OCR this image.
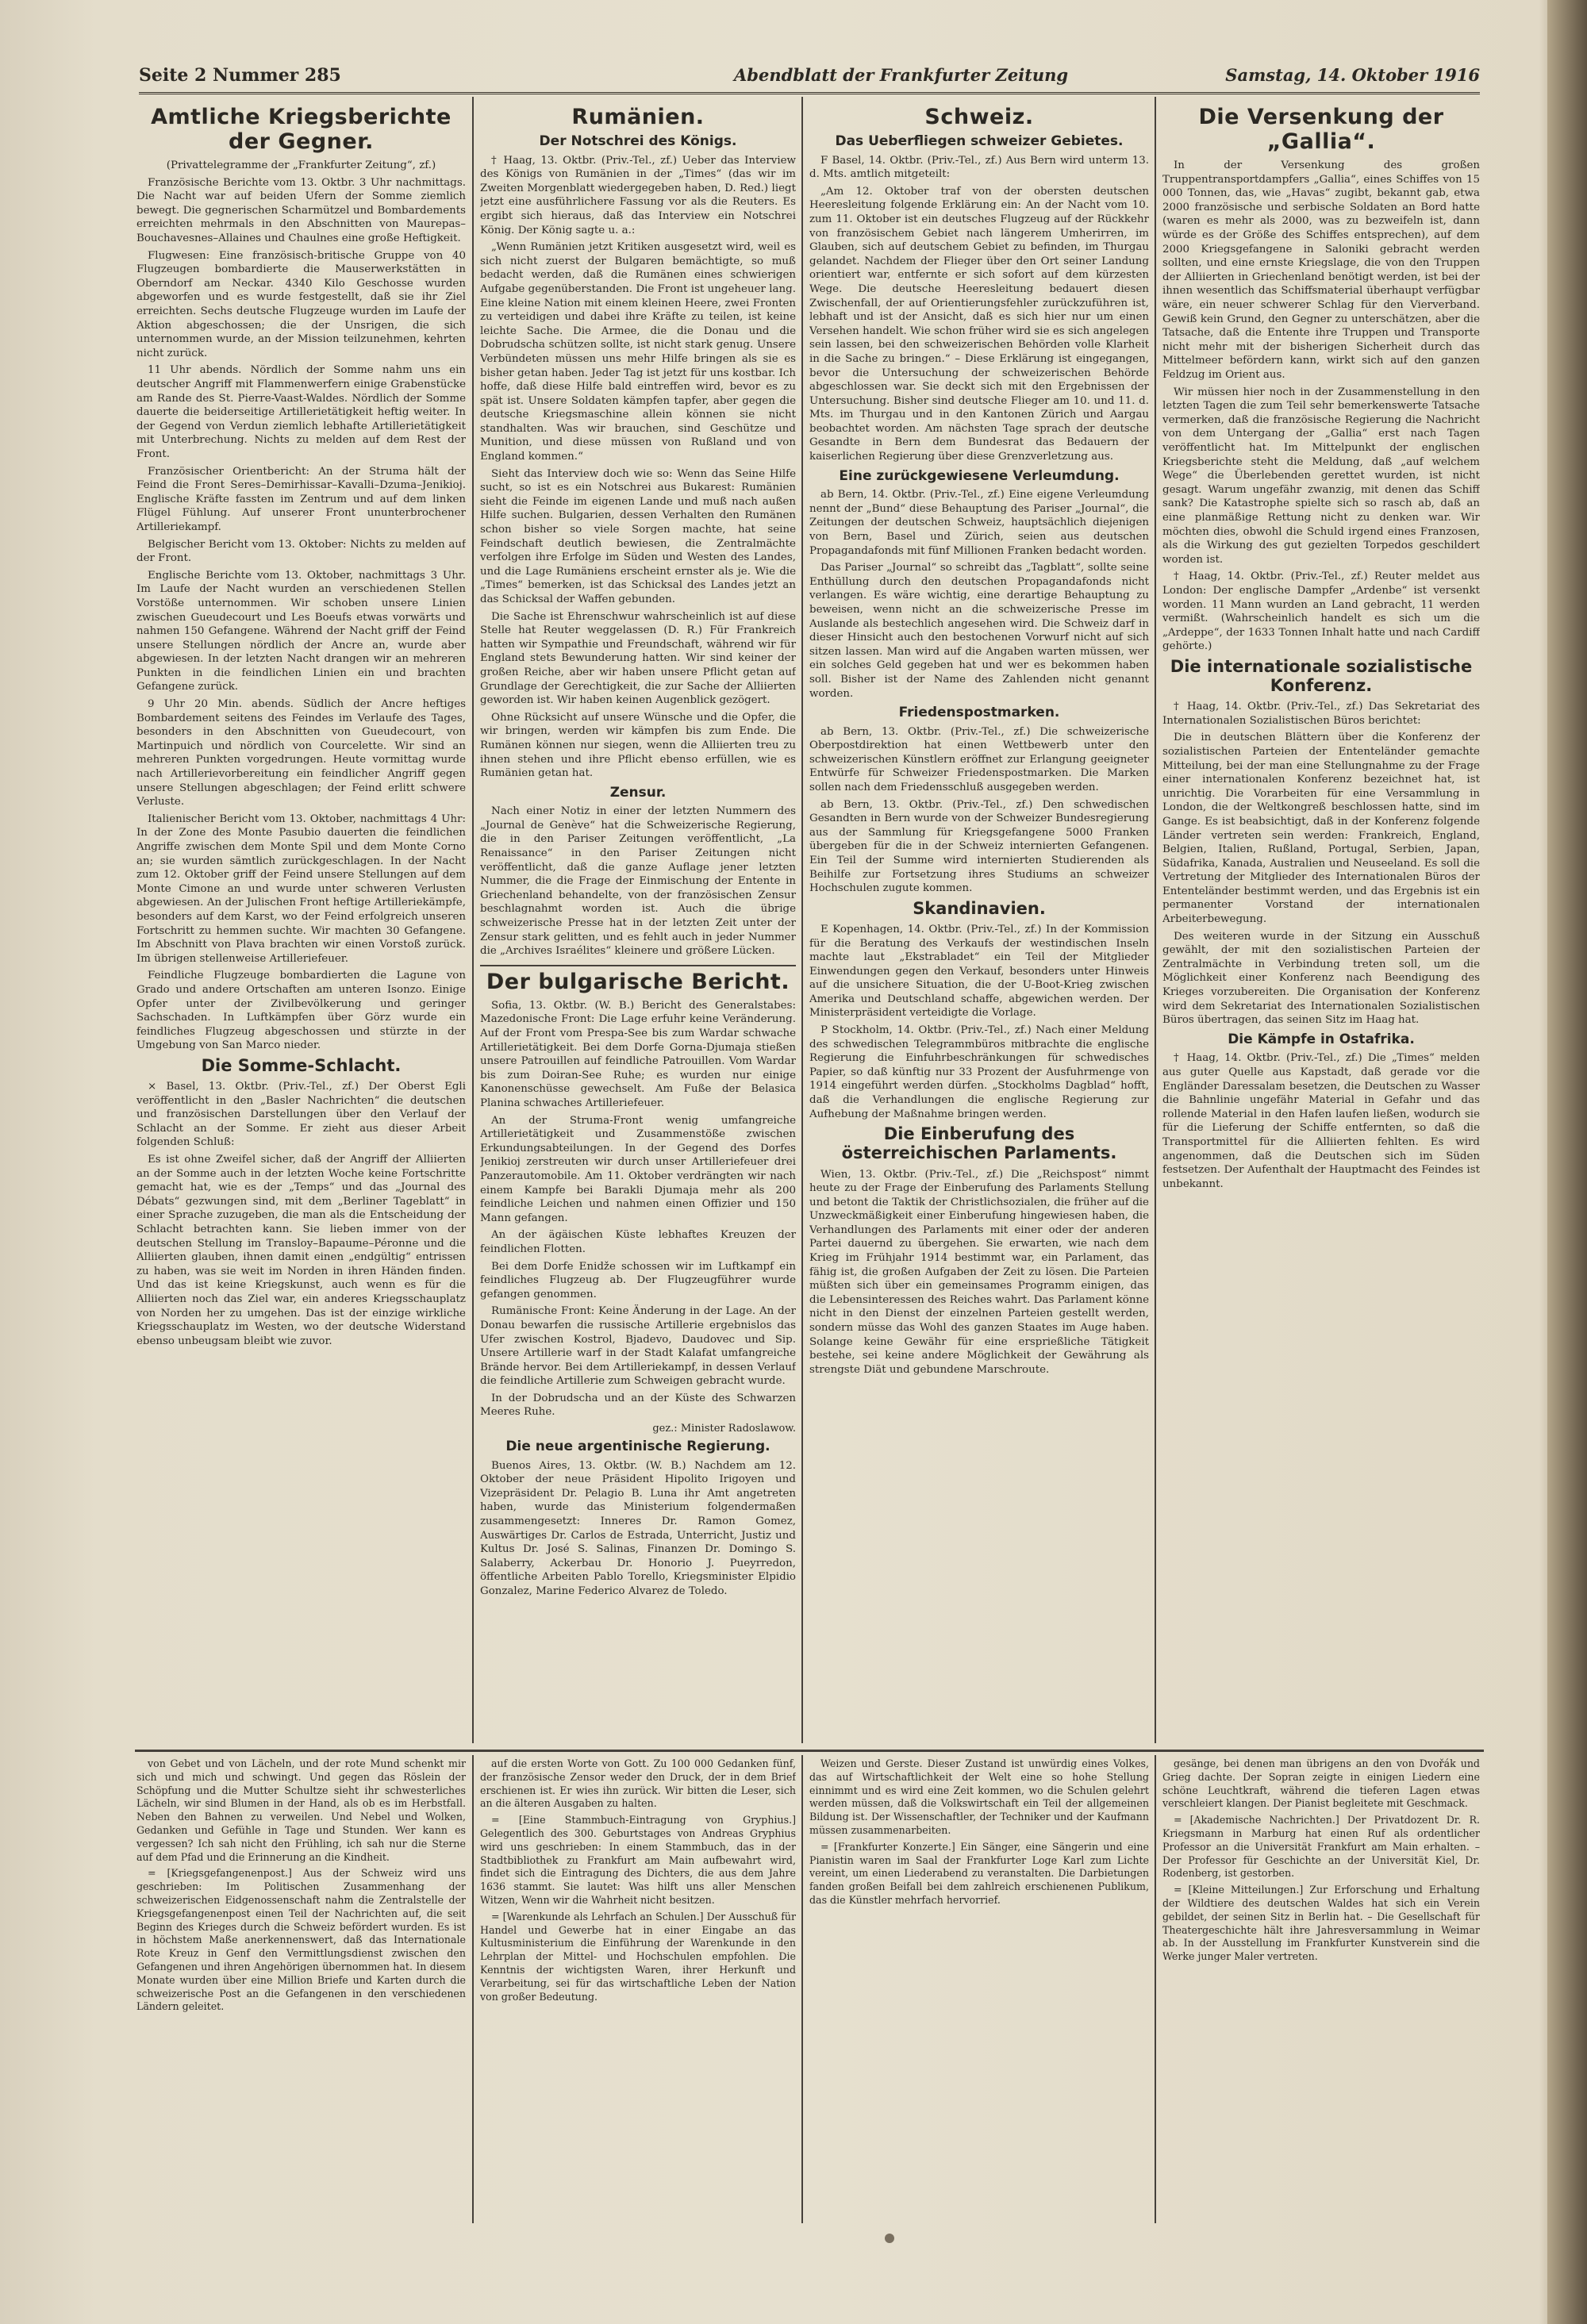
Seite 2 Nummer 285	Abendblatt der Frankfurter Zeitung	Samstag, 14. Oktober 1916
Amtliche Kriegsberichte der Gegner.

(Privattelegramme der „Frankfurter Zeitung“, zf.)

Französische Berichte vom 13. Oktbr. 3 Uhr nachmittags. Die Nacht war auf beiden Ufern der Somme ziemlich bewegt. Die gegnerischen Scharmützel und Bombardements erreichten mehrmals in den Abschnitten von Maurepas–Bouchavesnes–Allaines und Chaulnes eine große Heftigkeit.

Flugwesen: Eine französisch-britische Gruppe von 40 Flugzeugen bombardierte die Mauserwerkstätten in Oberndorf am Neckar. 4340 Kilo Geschosse wurden abgeworfen und es wurde festgestellt, daß sie ihr Ziel erreichten. Sechs deutsche Flugzeuge wurden im Laufe der Aktion abgeschossen; die der Unsrigen, die sich unternommen wurde, an der Mission teilzunehmen, kehrten nicht zurück.

11 Uhr abends. Nördlich der Somme nahm uns ein deutscher Angriff mit Flammenwerfern einige Grabenstücke am Rande des St. Pierre-Vaast-Waldes. Nördlich der Somme dauerte die beiderseitige Artillerietätigkeit heftig weiter. In der Gegend von Verdun ziemlich lebhafte Artillerietätigkeit mit Unterbrechung. Nichts zu melden auf dem Rest der Front.

Französischer Orientbericht: An der Struma hält der Feind die Front Seres–Demirhissar–Kavalli–Dzuma–Jenikioj. Englische Kräfte fassten im Zentrum und auf dem linken Flügel Fühlung. Auf unserer Front ununterbrochener Artilleriekampf.

Belgischer Bericht vom 13. Oktober: Nichts zu melden auf der Front.

Englische Berichte vom 13. Oktober, nachmittags 3 Uhr. Im Laufe der Nacht wurden an verschiedenen Stellen Vorstöße unternommen. Wir schoben unsere Linien zwischen Gueudecourt und Les Boeufs etwas vorwärts und nahmen 150 Gefangene. Während der Nacht griff der Feind unsere Stellungen nördlich der Ancre an, wurde aber abgewiesen. In der letzten Nacht drangen wir an mehreren Punkten in die feindlichen Linien ein und brachten Gefangene zurück.

9 Uhr 20 Min. abends. Südlich der Ancre heftiges Bombardement seitens des Feindes im Verlaufe des Tages, besonders in den Abschnitten von Gueudecourt, von Martinpuich und nördlich von Courcelette. Wir sind an mehreren Punkten vorgedrungen. Heute vormittag wurde nach Artillerievorbereitung ein feindlicher Angriff gegen unsere Stellungen abgeschlagen; der Feind erlitt schwere Verluste.

Italienischer Bericht vom 13. Oktober, nachmittags 4 Uhr: In der Zone des Monte Pasubio dauerten die feindlichen Angriffe zwischen dem Monte Spil und dem Monte Corno an; sie wurden sämtlich zurückgeschlagen. In der Nacht zum 12. Oktober griff der Feind unsere Stellungen auf dem Monte Cimone an und wurde unter schweren Verlusten abgewiesen. An der Julischen Front heftige Artilleriekämpfe, besonders auf dem Karst, wo der Feind erfolgreich unseren Fortschritt zu hemmen suchte. Wir machten 30 Gefangene. Im Abschnitt von Plava brachten wir einen Vorstoß zurück. Im übrigen stellenweise Artilleriefeuer.

Feindliche Flugzeuge bombardierten die Lagune von Grado und andere Ortschaften am unteren Isonzo. Einige Opfer unter der Zivilbevölkerung und geringer Sachschaden. In Luftkämpfen über Görz wurde ein feindliches Flugzeug abgeschossen und stürzte in der Umgebung von San Marco nieder.

Die Somme-Schlacht.

× Basel, 13. Oktbr. (Priv.-Tel., zf.) Der Oberst Egli veröffentlicht in den „Basler Nachrichten“ die deutschen und französischen Darstellungen über den Verlauf der Schlacht an der Somme. Er zieht aus dieser Arbeit folgenden Schluß:

Es ist ohne Zweifel sicher, daß der Angriff der Alliierten an der Somme auch in der letzten Woche keine Fortschritte gemacht hat, wie es der „Temps“ und das „Journal des Débats“ gezwungen sind, mit dem „Berliner Tageblatt“ in einer Sprache zuzugeben, die man als die Entscheidung der Schlacht betrachten kann. Sie lieben immer von der deutschen Stellung im Transloy–Bapaume–Péronne und die Alliierten glauben, ihnen damit einen „endgültig“ entrissen zu haben, was sie weit im Norden in ihren Händen finden. Und das ist keine Kriegskunst, auch wenn es für die Alliierten noch das Ziel war, ein anderes Kriegsschauplatz von Norden her zu umgehen. Das ist der einzige wirkliche Kriegsschauplatz im Westen, wo der deutsche Widerstand ebenso unbeugsam bleibt wie zuvor.

Rumänien.
Der Notschrei des Königs.

† Haag, 13. Oktbr. (Priv.-Tel., zf.) Ueber das Interview des Königs von Rumänien in der „Times“ (das wir im Zweiten Morgenblatt wiedergegeben haben, D. Red.) liegt jetzt eine ausführlichere Fassung vor als die Reuters. Es ergibt sich hieraus, daß das Interview ein Notschrei König. Der König sagte u. a.:

„Wenn Rumänien jetzt Kritiken ausgesetzt wird, weil es sich nicht zuerst der Bulgaren bemächtigte, so muß bedacht werden, daß die Rumänen eines schwierigen Aufgabe gegenüberstanden. Die Front ist ungeheuer lang. Eine kleine Nation mit einem kleinen Heere, zwei Fronten zu verteidigen und dabei ihre Kräfte zu teilen, ist keine leichte Sache. Die Armee, die die Donau und die Dobrudscha schützen sollte, ist nicht stark genug. Unsere Verbündeten müssen uns mehr Hilfe bringen als sie es bisher getan haben. Jeder Tag ist jetzt für uns kostbar. Ich hoffe, daß diese Hilfe bald eintreffen wird, bevor es zu spät ist. Unsere Soldaten kämpfen tapfer, aber gegen die deutsche Kriegsmaschine allein können sie nicht standhalten. Was wir brauchen, sind Geschütze und Munition, und diese müssen von Rußland und von England kommen.“

Sieht das Interview doch wie so: Wenn das Seine Hilfe sucht, so ist es ein Notschrei aus Bukarest: Rumänien sieht die Feinde im eigenen Lande und muß nach außen Hilfe suchen. Bulgarien, dessen Verhalten den Rumänen schon bisher so viele Sorgen machte, hat seine Feindschaft deutlich bewiesen, die Zentralmächte verfolgen ihre Erfolge im Süden und Westen des Landes, und die Lage Rumäniens erscheint ernster als je. Wie die „Times“ bemerken, ist das Schicksal des Landes jetzt an das Schicksal der Waffen gebunden.

Die Sache ist Ehrenschwur wahrscheinlich ist auf diese Stelle hat Reuter weggelassen (D. R.) Für Frankreich hatten wir Sympathie und Freundschaft, während wir für England stets Bewunderung hatten. Wir sind keiner der großen Reiche, aber wir haben unsere Pflicht getan auf Grundlage der Gerechtigkeit, die zur Sache der Alliierten geworden ist. Wir haben keinen Augenblick gezögert.

Ohne Rücksicht auf unsere Wünsche und die Opfer, die wir bringen, werden wir kämpfen bis zum Ende. Die Rumänen können nur siegen, wenn die Alliierten treu zu ihnen stehen und ihre Pflicht ebenso erfüllen, wie es Rumänien getan hat.

Zensur.

Nach einer Notiz in einer der letzten Nummern des „Journal de Genève“ hat die Schweizerische Regierung, die in den Pariser Zeitungen veröffentlicht, „La Renaissance“ in den Pariser Zeitungen nicht veröffentlicht, daß die ganze Auflage jener letzten Nummer, die die Frage der Einmischung der Entente in Griechenland behandelte, von der französischen Zensur beschlagnahmt worden ist. Auch die übrige schweizerische Presse hat in der letzten Zeit unter der Zensur stark gelitten, und es fehlt auch in jeder Nummer die „Archives Israélites“ kleinere und größere Lücken.

Der bulgarische Bericht.

Sofia, 13. Oktbr. (W. B.) Bericht des Generalstabes: Mazedonische Front: Die Lage erfuhr keine Veränderung. Auf der Front vom Prespa-See bis zum Wardar schwache Artillerietätigkeit. Bei dem Dorfe Gorna-Djumaja stießen unsere Patrouillen auf feindliche Patrouillen. Vom Wardar bis zum Doiran-See Ruhe; es wurden nur einige Kanonenschüsse gewechselt. Am Fuße der Belasica Planina schwaches Artilleriefeuer.

An der Struma-Front wenig umfangreiche Artillerietätigkeit und Zusammenstöße zwischen Erkundungsabteilungen. In der Gegend des Dorfes Jenikioj zerstreuten wir durch unser Artilleriefeuer drei Panzerautomobile. Am 11. Oktober verdrängten wir nach einem Kampfe bei Barakli Djumaja mehr als 200 feindliche Leichen und nahmen einen Offizier und 150 Mann gefangen.

An der ägäischen Küste lebhaftes Kreuzen der feindlichen Flotten.

Bei dem Dorfe Enidže schossen wir im Luftkampf ein feindliches Flugzeug ab. Der Flugzeugführer wurde gefangen genommen.

Rumänische Front: Keine Änderung in der Lage. An der Donau bewarfen die russische Artillerie ergebnislos das Ufer zwischen Kostrol, Bjadevo, Daudovec und Sip. Unsere Artillerie warf in der Stadt Kalafat umfangreiche Brände hervor. Bei dem Artilleriekampf, in dessen Verlauf die feindliche Artillerie zum Schweigen gebracht wurde.

In der Dobrudscha und an der Küste des Schwarzen Meeres Ruhe.

gez.: Minister Radoslawow.
Die neue argentinische Regierung.

Buenos Aires, 13. Oktbr. (W. B.) Nachdem am 12. Oktober der neue Präsident Hipolito Irigoyen und Vizepräsident Dr. Pelagio B. Luna ihr Amt angetreten haben, wurde das Ministerium folgendermaßen zusammengesetzt: Inneres Dr. Ramon Gomez, Auswärtiges Dr. Carlos de Estrada, Unterricht, Justiz und Kultus Dr. José S. Salinas, Finanzen Dr. Domingo S. Salaberry, Ackerbau Dr. Honorio J. Pueyrredon, öffentliche Arbeiten Pablo Torello, Kriegsminister Elpidio Gonzalez, Marine Federico Alvarez de Toledo.

Schweiz.
Das Ueberfliegen schweizer Gebietes.

F Basel, 14. Oktbr. (Priv.-Tel., zf.) Aus Bern wird unterm 13. d. Mts. amtlich mitgeteilt:

„Am 12. Oktober traf von der obersten deutschen Heeresleitung folgende Erklärung ein: An der Nacht vom 10. zum 11. Oktober ist ein deutsches Flugzeug auf der Rückkehr von französischem Gebiet nach längerem Umherirren, im Glauben, sich auf deutschem Gebiet zu befinden, im Thurgau gelandet. Nachdem der Flieger über den Ort seiner Landung orientiert war, entfernte er sich sofort auf dem kürzesten Wege. Die deutsche Heeresleitung bedauert diesen Zwischenfall, der auf Orientierungsfehler zurückzuführen ist, lebhaft und ist der Ansicht, daß es sich hier nur um einen Versehen handelt. Wie schon früher wird sie es sich angelegen sein lassen, bei den schweizerischen Behörden volle Klarheit in die Sache zu bringen.“ – Diese Erklärung ist eingegangen, bevor die Untersuchung der schweizerischen Behörde abgeschlossen war. Sie deckt sich mit den Ergebnissen der Untersuchung. Bisher sind deutsche Flieger am 10. und 11. d. Mts. im Thurgau und in den Kantonen Zürich und Aargau beobachtet worden. Am nächsten Tage sprach der deutsche Gesandte in Bern dem Bundesrat das Bedauern der kaiserlichen Regierung über diese Grenzverletzung aus.

Eine zurückgewiesene Verleumdung.

ab Bern, 14. Oktbr. (Priv.-Tel., zf.) Eine eigene Verleumdung nennt der „Bund“ diese Behauptung des Pariser „Journal“, die Zeitungen der deutschen Schweiz, hauptsächlich diejenigen von Bern, Basel und Zürich, seien aus deutschen Propagandafonds mit fünf Millionen Franken bedacht worden.

Das Pariser „Journal“ so schreibt das „Tagblatt“, sollte seine Enthüllung durch den deutschen Propagandafonds nicht verlangen. Es wäre wichtig, eine derartige Behauptung zu beweisen, wenn nicht an die schweizerische Presse im Auslande als bestechlich angesehen wird. Die Schweiz darf in dieser Hinsicht auch den bestochenen Vorwurf nicht auf sich sitzen lassen. Man wird auf die Angaben warten müssen, wer ein solches Geld gegeben hat und wer es bekommen haben soll. Bisher ist der Name des Zahlenden nicht genannt worden.

Friedenspostmarken.

ab Bern, 13. Oktbr. (Priv.-Tel., zf.) Die schweizerische Oberpostdirektion hat einen Wettbewerb unter den schweizerischen Künstlern eröffnet zur Erlangung geeigneter Entwürfe für Schweizer Friedenspostmarken. Die Marken sollen nach dem Friedensschluß ausgegeben werden.

ab Bern, 13. Oktbr. (Priv.-Tel., zf.) Den schwedischen Gesandten in Bern wurde von der Schweizer Bundesregierung aus der Sammlung für Kriegsgefangene 5000 Franken übergeben für die in der Schweiz internierten Gefangenen. Ein Teil der Summe wird internierten Studierenden als Beihilfe zur Fortsetzung ihres Studiums an schweizer Hochschulen zugute kommen.

Skandinavien.

E Kopenhagen, 14. Oktbr. (Priv.-Tel., zf.) In der Kommission für die Beratung des Verkaufs der westindischen Inseln machte laut „Ekstrabladet“ ein Teil der Mitglieder Einwendungen gegen den Verkauf, besonders unter Hinweis auf die unsichere Situation, die der U-Boot-Krieg zwischen Amerika und Deutschland schaffe, abgewichen werden. Der Ministerpräsident verteidigte die Vorlage.

P Stockholm, 14. Oktbr. (Priv.-Tel., zf.) Nach einer Meldung des schwedischen Telegrammbüros mitbrachte die englische Regierung die Einfuhrbeschränkungen für schwedisches Papier, so daß künftig nur 33 Prozent der Ausfuhrmenge von 1914 eingeführt werden dürfen. „Stockholms Dagblad“ hofft, daß die Verhandlungen die englische Regierung zur Aufhebung der Maßnahme bringen werden.

Die Einberufung des österreichischen Parlaments.

Wien, 13. Oktbr. (Priv.-Tel., zf.) Die „Reichspost“ nimmt heute zu der Frage der Einberufung des Parlaments Stellung und betont die Taktik der Christlichsozialen, die früher auf die Unzweckmäßigkeit einer Einberufung hingewiesen haben, die Verhandlungen des Parlaments mit einer oder der anderen Partei dauernd zu übergehen. Sie erwarten, wie nach dem Krieg im Frühjahr 1914 bestimmt war, ein Parlament, das fähig ist, die großen Aufgaben der Zeit zu lösen. Die Parteien müßten sich über ein gemeinsames Programm einigen, das die Lebensinteressen des Reiches wahrt. Das Parlament könne nicht in den Dienst der einzelnen Parteien gestellt werden, sondern müsse das Wohl des ganzen Staates im Auge haben. Solange keine Gewähr für eine ersprießliche Tätigkeit bestehe, sei keine andere Möglichkeit der Gewährung als strengste Diät und gebundene Marschroute.

Die Versenkung der „Gallia“.

In der Versenkung des großen Truppentransportdampfers „Gallia“, eines Schiffes von 15 000 Tonnen, das, wie „Havas“ zugibt, bekannt gab, etwa 2000 französische und serbische Soldaten an Bord hatte (waren es mehr als 2000, was zu bezweifeln ist, dann würde es der Größe des Schiffes entsprechen), auf dem 2000 Kriegsgefangene in Saloniki gebracht werden sollten, und eine ernste Kriegslage, die von den Truppen der Alliierten in Griechenland benötigt werden, ist bei der ihnen wesentlich das Schiffsmaterial überhaupt verfügbar wäre, ein neuer schwerer Schlag für den Vierverband. Gewiß kein Grund, den Gegner zu unterschätzen, aber die Tatsache, daß die Entente ihre Truppen und Transporte nicht mehr mit der bisherigen Sicherheit durch das Mittelmeer befördern kann, wirkt sich auf den ganzen Feldzug im Orient aus.

Wir müssen hier noch in der Zusammenstellung in den letzten Tagen die zum Teil sehr bemerkenswerte Tatsache vermerken, daß die französische Regierung die Nachricht von dem Untergang der „Gallia“ erst nach Tagen veröffentlicht hat. Im Mittelpunkt der englischen Kriegsberichte steht die Meldung, daß „auf welchem Wege“ die Überlebenden gerettet wurden, ist nicht gesagt. Warum ungefähr zwanzig, mit denen das Schiff sank? Die Katastrophe spielte sich so rasch ab, daß an eine planmäßige Rettung nicht zu denken war. Wir möchten dies, obwohl die Schuld irgend eines Franzosen, als die Wirkung des gut gezielten Torpedos geschildert worden ist.

† Haag, 14. Oktbr. (Priv.-Tel., zf.) Reuter meldet aus London: Der englische Dampfer „Ardenbe“ ist versenkt worden. 11 Mann wurden an Land gebracht, 11 werden vermißt. (Wahrscheinlich handelt es sich um die „Ardeppe“, der 1633 Tonnen Inhalt hatte und nach Cardiff gehörte.)

Die internationale sozialistische Konferenz.

† Haag, 14. Oktbr. (Priv.-Tel., zf.) Das Sekretariat des Internationalen Sozialistischen Büros berichtet:

Die in deutschen Blättern über die Konferenz der sozialistischen Parteien der Ententeländer gemachte Mitteilung, bei der man eine Stellungnahme zu der Frage einer internationalen Konferenz bezeichnet hat, ist unrichtig. Die Vorarbeiten für eine Versammlung in London, die der Weltkongreß beschlossen hatte, sind im Gange. Es ist beabsichtigt, daß in der Konferenz folgende Länder vertreten sein werden: Frankreich, England, Belgien, Italien, Rußland, Portugal, Serbien, Japan, Südafrika, Kanada, Australien und Neuseeland. Es soll die Vertretung der Mitglieder des Internationalen Büros der Ententeländer bestimmt werden, und das Ergebnis ist ein permanenter Vorstand der internationalen Arbeiterbewegung.

Des weiteren wurde in der Sitzung ein Ausschuß gewählt, der mit den sozialistischen Parteien der Zentralmächte in Verbindung treten soll, um die Möglichkeit einer Konferenz nach Beendigung des Krieges vorzubereiten. Die Organisation der Konferenz wird dem Sekretariat des Internationalen Sozialistischen Büros übertragen, das seinen Sitz im Haag hat.

Die Kämpfe in Ostafrika.

† Haag, 14. Oktbr. (Priv.-Tel., zf.) Die „Times“ melden aus guter Quelle aus Kapstadt, daß gerade vor die Engländer Daressalam besetzen, die Deutschen zu Wasser die Bahnlinie ungefähr Material in Gefahr und das rollende Material in den Hafen laufen ließen, wodurch sie für die Lieferung der Schiffe entfernten, so daß die Transportmittel für die Alliierten fehlten. Es wird angenommen, daß die Deutschen sich im Süden festsetzen. Der Aufenthalt der Hauptmacht des Feindes ist unbekannt.

von Gebet und von Lächeln, und der rote Mund schenkt mir sich und mich und schwingt. Und gegen das Röslein der Schöpfung und die Mutter Schultze sieht ihr schwesterliches Lächeln, wir sind Blumen in der Hand, als ob es im Herbstfall. Neben den Bahnen zu verweilen. Und Nebel und Wolken, Gedanken und Gefühle in Tage und Stunden. Wer kann es vergessen? Ich sah nicht den Frühling, ich sah nur die Sterne auf dem Pfad und die Erinnerung an die Kindheit.

= [Kriegsgefangenenpost.] Aus der Schweiz wird uns geschrieben: Im Politischen Zusammenhang der schweizerischen Eidgenossenschaft nahm die Zentralstelle der Kriegsgefangenenpost einen Teil der Nachrichten auf, die seit Beginn des Krieges durch die Schweiz befördert wurden. Es ist in höchstem Maße anerkennenswert, daß das Internationale Rote Kreuz in Genf den Vermittlungsdienst zwischen den Gefangenen und ihren Angehörigen übernommen hat. In diesem Monate wurden über eine Million Briefe und Karten durch die schweizerische Post an die Gefangenen in den verschiedenen Ländern geleitet.

auf die ersten Worte von Gott. Zu 100 000 Gedanken fünf, der französische Zensor weder den Druck, der in dem Brief erschienen ist. Er wies ihn zurück. Wir bitten die Leser, sich an die älteren Ausgaben zu halten.

= [Eine Stammbuch-Eintragung von Gryphius.] Gelegentlich des 300. Geburtstages von Andreas Gryphius wird uns geschrieben: In einem Stammbuch, das in der Stadtbibliothek zu Frankfurt am Main aufbewahrt wird, findet sich die Eintragung des Dichters, die aus dem Jahre 1636 stammt. Sie lautet: Was hilft uns aller Menschen Witzen, Wenn wir die Wahrheit nicht besitzen.

= [Warenkunde als Lehrfach an Schulen.] Der Ausschuß für Handel und Gewerbe hat in einer Eingabe an das Kultusministerium die Einführung der Warenkunde in den Lehrplan der Mittel- und Hochschulen empfohlen. Die Kenntnis der wichtigsten Waren, ihrer Herkunft und Verarbeitung, sei für das wirtschaftliche Leben der Nation von großer Bedeutung.

Weizen und Gerste. Dieser Zustand ist unwürdig eines Volkes, das auf Wirtschaftlichkeit der Welt eine so hohe Stellung einnimmt und es wird eine Zeit kommen, wo die Schulen gelehrt werden müssen, daß die Volkswirtschaft ein Teil der allgemeinen Bildung ist. Der Wissenschaftler, der Techniker und der Kaufmann müssen zusammenarbeiten.

= [Frankfurter Konzerte.] Ein Sänger, eine Sängerin und eine Pianistin waren im Saal der Frankfurter Loge Karl zum Lichte vereint, um einen Liederabend zu veranstalten. Die Darbietungen fanden großen Beifall bei dem zahlreich erschienenen Publikum, das die Künstler mehrfach hervorrief.

gesänge, bei denen man übrigens an den von Dvořák und Grieg dachte. Der Sopran zeigte in einigen Liedern eine schöne Leuchtkraft, während die tieferen Lagen etwas verschleiert klangen. Der Pianist begleitete mit Geschmack.

= [Akademische Nachrichten.] Der Privatdozent Dr. R. Kriegsmann in Marburg hat einen Ruf als ordentlicher Professor an die Universität Frankfurt am Main erhalten. – Der Professor für Geschichte an der Universität Kiel, Dr. Rodenberg, ist gestorben.

= [Kleine Mitteilungen.] Zur Erforschung und Erhaltung der Wildtiere des deutschen Waldes hat sich ein Verein gebildet, der seinen Sitz in Berlin hat. – Die Gesellschaft für Theatergeschichte hält ihre Jahresversammlung in Weimar ab. In der Ausstellung im Frankfurter Kunstverein sind die Werke junger Maler vertreten.
